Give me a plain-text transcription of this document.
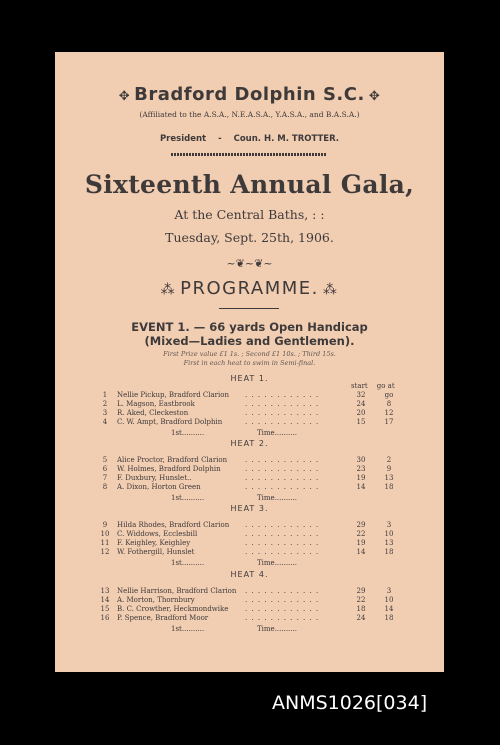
✥ Bradford Dolphin S.C. ✥
(Affiliated to the A.S.A., N.E.A.S.A., Y.A.S.A., and B.A.S.A.)
President - Coun. H. M. TROTTER.
Sixteenth Annual Gala,
At the Central Baths, : :
Tuesday, Sept. 25th, 1906.
~❦~❦~
⁂ PROGRAMME. ⁂
EVENT 1. — 66 yards Open Handicap
(Mixed—Ladies and Gentlemen).
First Prize value £1 1s. ; Second £1 10s. ; Third 15s.
First in each heat to swim in Semi-final.
HEAT 1.
start go at
1	Nellie Pickup, Bradford Clarion . . . . . . . . . . . .	32	go
2	L. Magson, Eastbrook	. . . . . . . . . . . .	24	8
3	R. Aked, Cleckeston	. . . . . . . . . . . .	20	12
4	C. W. Ampt, Bradford Dolphin	. . . . . . . . . . . .	15	17
1st..........	Time..........
HEAT 2.
5	Alice Proctor, Bradford Clarion	. . . . . . . . . . . .	30	2
6	W. Holmes, Bradford Dolphin	. . . . . . . . . . . .	23	9
7	F. Duxbury, Hunslet..	. . . . . . . . . . . .	19	13
8	A. Dixon, Horton Green	. . . . . . . . . . . .	14	18
1st..........	Time..........
HEAT 3.
9	Hilda Rhodes, Bradford Clarion . . . . . . . . . . . .	29	3
10 C. Widdows, Ecclesbill	. . . . . . . . . . . .	22	10
11 F. Keighley, Keighley	. . . . . . . . . . . .	19	13
12 W. Fothergill, Hunslet	. . . . . . . . . . . .	14	18
1st..........	Time..........
HEAT 4.
13 Nellie Harrison, Bradford Clarion . . . . . . . . . . . .	29	3
14 A. Morton, Thornbury	. . . . . . . . . . . .	22	10
15 B. C. Crowther, Heckmondwike . . . . . . . . . . . .	18	14
16 P. Spence, Bradford Moor	. . . . . . . . . . . .	24	18
1st..........	Time..........
ANMS1026[034]
